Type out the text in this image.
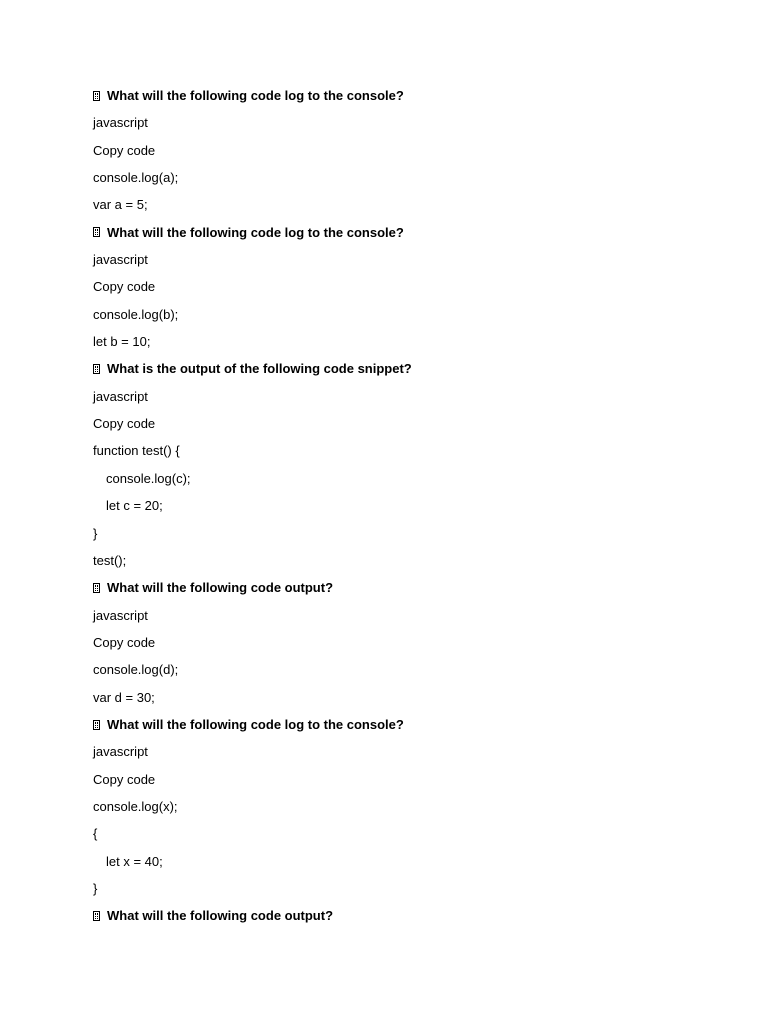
What will the following code log to the console?
javascript
Copy code
console.log(a);
var a = 5;
What will the following code log to the console?
javascript
Copy code
console.log(b);
let b = 10;
What is the output of the following code snippet?
javascript
Copy code
function test() {
console.log(c);
let c = 20;
}
test();
What will the following code output?
javascript
Copy code
console.log(d);
var d = 30;
What will the following code log to the console?
javascript
Copy code
console.log(x);
{
let x = 40;
}
What will the following code output?
